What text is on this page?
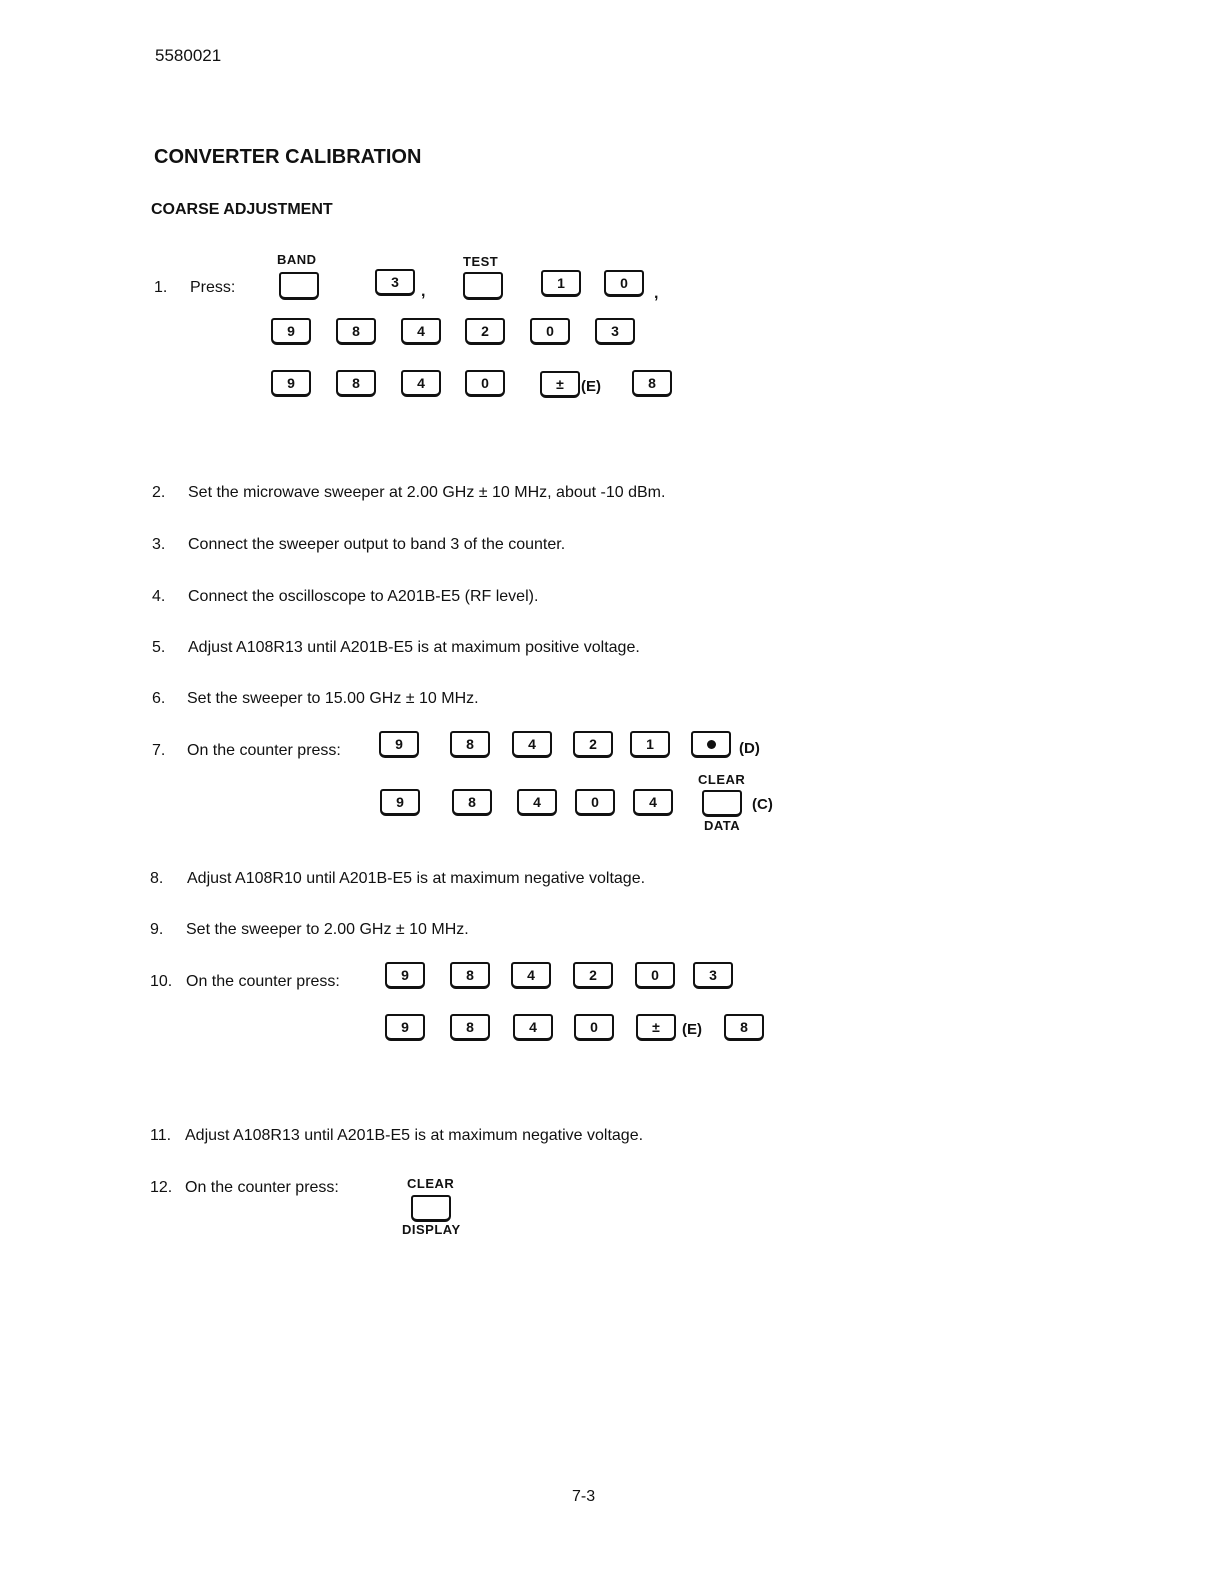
5580021
CONVERTER CALIBRATION
COARSE ADJUSTMENT
1. Press:
BAND	TEST
3
,	1	0
,
9	8	4	2	0	3
9	8	4	0	±	(E)	8
2. Set the microwave sweeper at 2.00 GHz ± 10 MHz, about -10 dBm.
3. Connect the sweeper output to band 3 of the counter.
4. Connect the oscilloscope to A201B-E5 (RF level).
5. Adjust A108R13 until A201B-E5 is at maximum positive voltage.
6. Set the sweeper to 15.00 GHz ± 10 MHz.
7. On the counter press:	9	8	4	2	1	(D)
CLEAR
9	8	4	0	4	(C)
DATA
8. Adjust A108R10 until A201B-E5 is at maximum negative voltage.
9. Set the sweeper to 2.00 GHz ± 10 MHz.
10. On the counter press:	9	8	4	2	0	3
9	8	4	0	±	(E)	8
11. Adjust A108R13 until A201B-E5 is at maximum negative voltage.
12. On the counter press:	CLEAR
DISPLAY
7-3
